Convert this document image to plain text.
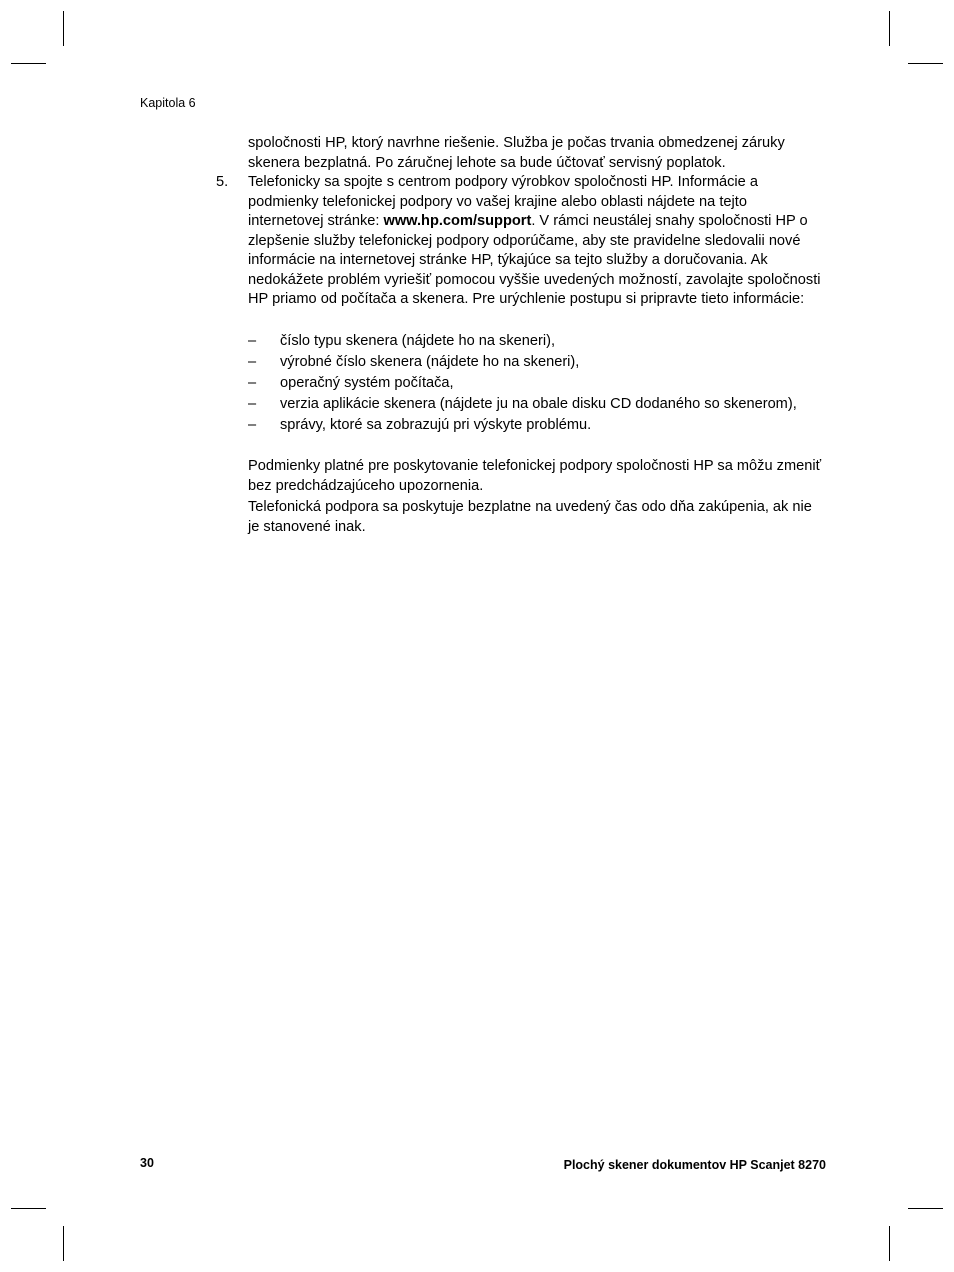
Kapitola 6

spoločnosti HP, ktorý navrhne riešenie. Služba je počas trvania obmedzenej záruky skenera bezplatná. Po záručnej lehote sa bude účtovať servisný poplatok.

5. Telefonicky sa spojte s centrom podpory výrobkov spoločnosti HP. Informácie a podmienky telefonickej podpory vo vašej krajine alebo oblasti nájdete na tejto internetovej stránke: www.hp.com/support. V rámci neustálej snahy spoločnosti HP o zlepšenie služby telefonickej podpory odporúčame, aby ste pravidelne sledovalii nové informácie na internetovej stránke HP, týkajúce sa tejto služby a doručovania. Ak nedokážete problém vyriešiť pomocou vyššie uvedených možností, zavolajte spoločnosti HP priamo od počítača a skenera. Pre urýchlenie postupu si pripravte tieto informácie:
– číslo typu skenera (nájdete ho na skeneri),
– výrobné číslo skenera (nájdete ho na skeneri),
– operačný systém počítača,
– verzia aplikácie skenera (nájdete ju na obale disku CD dodaného so skenerom),
– správy, ktoré sa zobrazujú pri výskyte problému.

Podmienky platné pre poskytovanie telefonickej podpory spoločnosti HP sa môžu zmeniť bez predchádzajúceho upozornenia.

Telefonická podpora sa poskytuje bezplatne na uvedený čas odo dňa zakúpenia, ak nie je stanovené inak.

30	Plochý skener dokumentov HP Scanjet 8270
